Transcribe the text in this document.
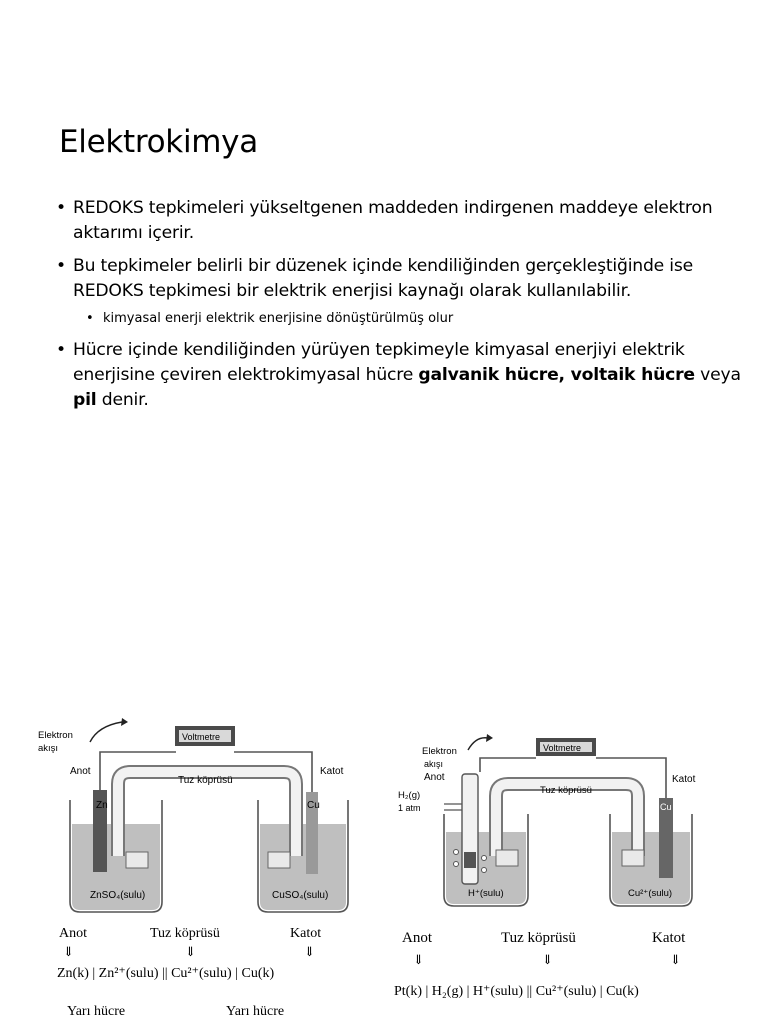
Elektrokimya
• REDOKS tepkimeleri yükseltgenen maddeden indirgenen maddeye elektron aktarımı içerir.
• Bu tepkimeler belirli bir düzenek içinde kendiliğinden gerçekleştiğinde ise REDOKS tepkimesi bir elektrik enerjisi kaynağı olarak kullanılabilir.
• kimyasal enerji elektrik enerjisine dönüştürülmüş olur
• Hücre içinde kendiliğinden yürüyen tepkimeyle kimyasal enerjiyi elektrik enerjisine çeviren elektrokimyasal hücre galvanik hücre, voltaik hücre veya pil denir.
Elektron
akışı
Voltmetre
Anot	Katot
Tuz köprüsü
Zn	Cu
ZnSO₄(sulu)	CuSO₄(sulu)
Anot	Tuz köprüsü	Katot
⇓	⇓	⇓
Zn(k) | Zn²⁺(sulu) || Cu²⁺(sulu) | Cu(k)
Yarı hücre	Yarı hücre
Elektron
akışı
Anot
Voltmetre
Katot
Tuz köprüsü
H₂(g)
1 atm	Cu
H⁺(sulu)	Cu²⁺(sulu)
Anot	Tuz köprüsü	Katot
⇓	⇓	⇓
Pt(k) | H₂(g) | H⁺(sulu) || Cu²⁺(sulu) | Cu(k)
